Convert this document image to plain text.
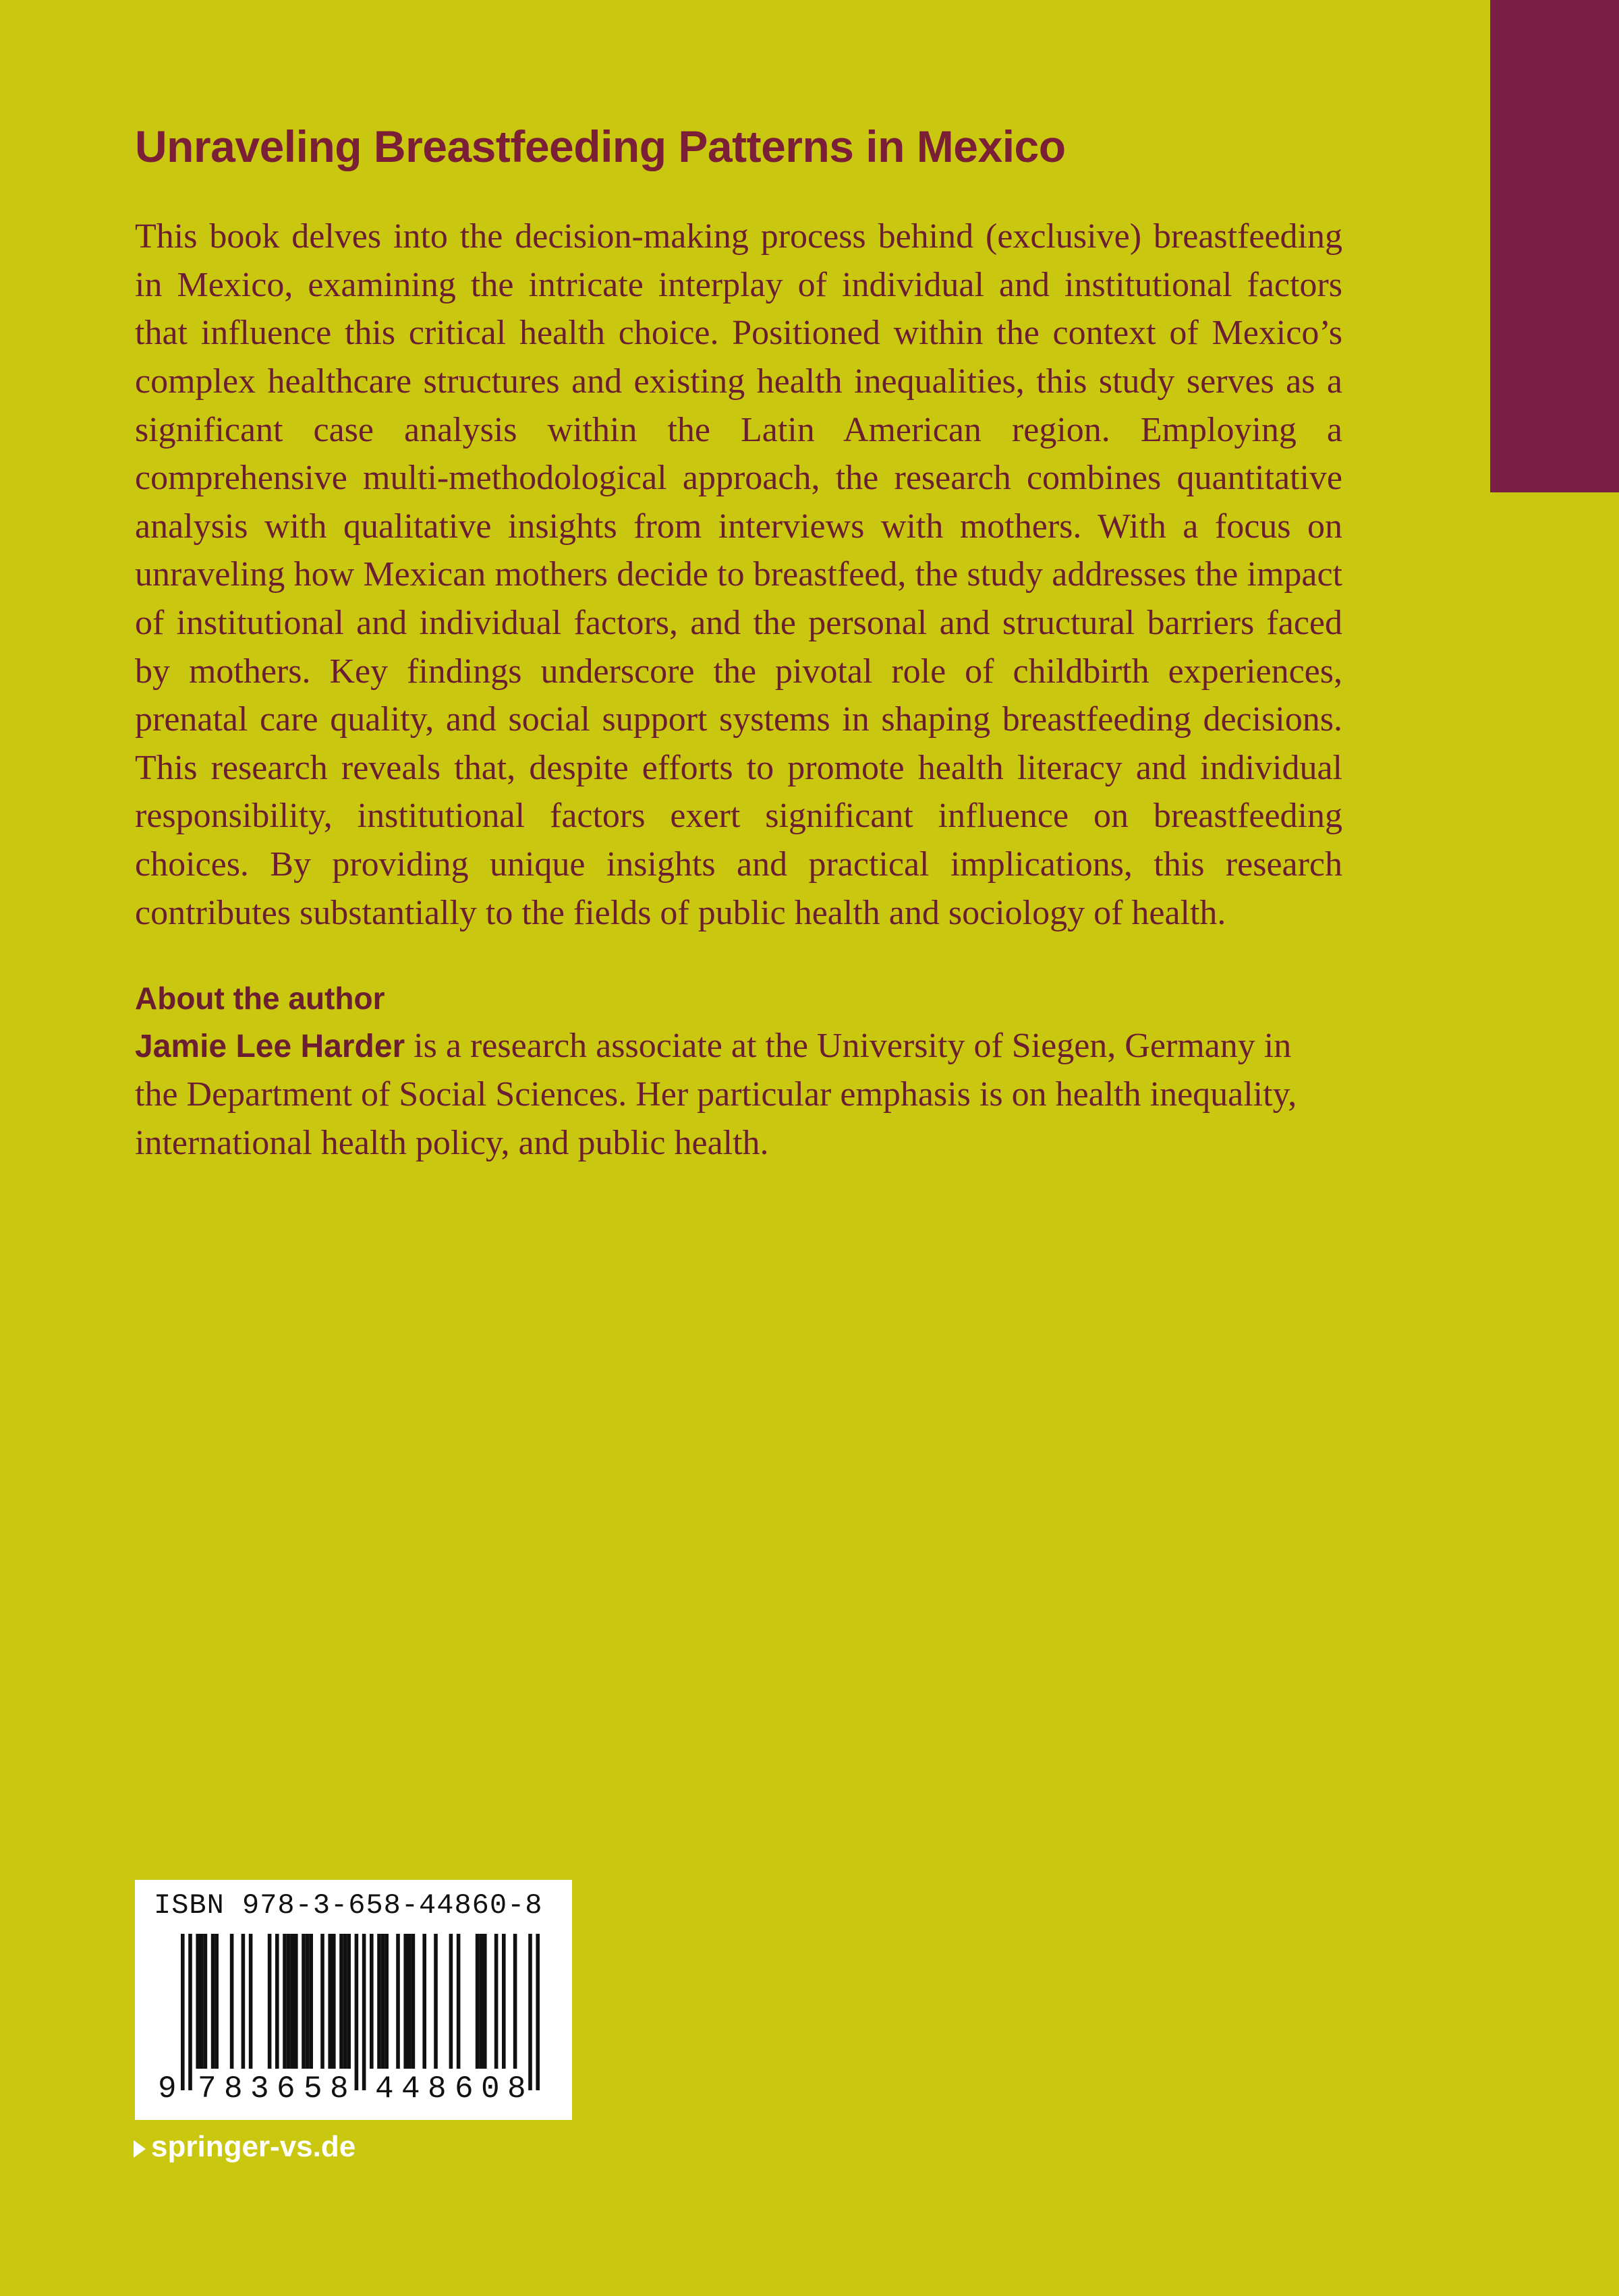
Unraveling Breastfeeding Patterns in Mexico

This book delves into the decision-making process behind (exclusive) breastfeeding in Mexico, examining the intricate interplay of individual and institutional factors that influence this critical health choice. Positioned within the context of Mexico’s complex healthcare structures and existing health inequalities, this study serves as a significant case analysis within the Latin American region. Employing a comprehensive multi-methodological approach, the research combines quantitative analysis with qualitative insights from interviews with mothers. With a focus on unraveling how Mexican mothers decide to breastfeed, the study addresses the impact of institutional and individual factors, and the personal and structural barriers faced by mothers. Key findings underscore the pivotal role of childbirth experiences, prenatal care quality, and social support systems in shaping breastfeeding decisions. This research reveals that, despite efforts to promote health literacy and individual responsibility, institutional factors exert significant influence on breastfeeding choices. By providing unique insights and practical implications, this research contributes substantially to the fields of public health and sociology of health.

About the author

Jamie Lee Harder is a research associate at the University of Siegen, Germany in the Department of Social Sciences. Her particular emphasis is on health inequality, international health policy, and public health.

ISBN 978-3-658-44860-8
9 7 8 3 6 5 8 4 4 8 6 0 8
springer-vs.de
